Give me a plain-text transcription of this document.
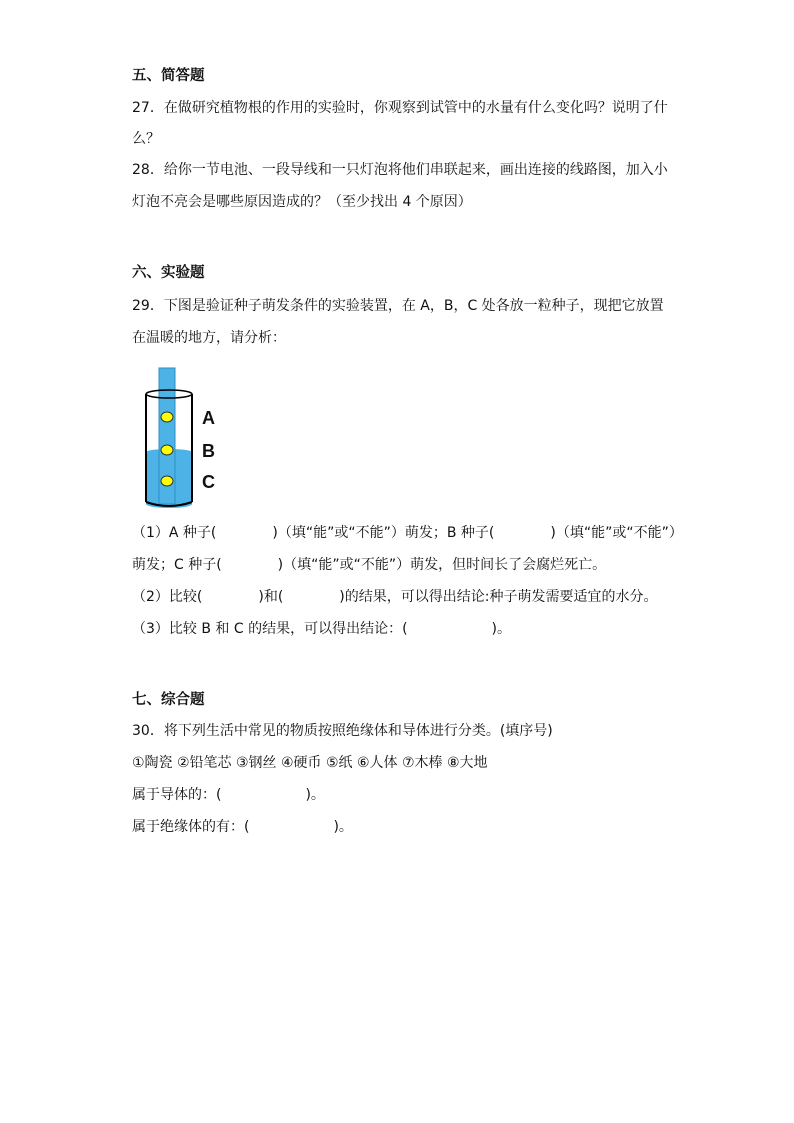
五、简答题
27．在做研究植物根的作用的实验时，你观察到试管中的水量有什么变化吗？说明了什
么？
28．给你一节电池、一段导线和一只灯泡将他们串联起来，画出连接的线路图，加入小
灯泡不亮会是哪些原因造成的？（至少找出 4 个原因）
六、实验题
29．下图是验证种子萌发条件的实验装置，在 A，B，C 处各放一粒种子，现把它放置
在温暖的地方，请分析：
A
B
C
（1）A 种子(　　　　)（填“能”或“不能”）萌发；B 种子(　　　　)（填“能”或“不能”）
萌发；C 种子(　　　　)（填“能”或“不能”）萌发，但时间长了会腐烂死亡。
（2）比较(　　　　)和(　　　　)的结果，可以得出结论:种子萌发需要适宜的水分。
（3）比较 B 和 C 的结果，可以得出结论：(　　　　　　)。
七、综合题
30．将下列生活中常见的物质按照绝缘体和导体进行分类。(填序号)
①陶瓷 ②铅笔芯 ③钢丝 ④硬币 ⑤纸 ⑥人体 ⑦木棒 ⑧大地
属于导体的：(　　　　　　)。
属于绝缘体的有：(　　　　　　)。
